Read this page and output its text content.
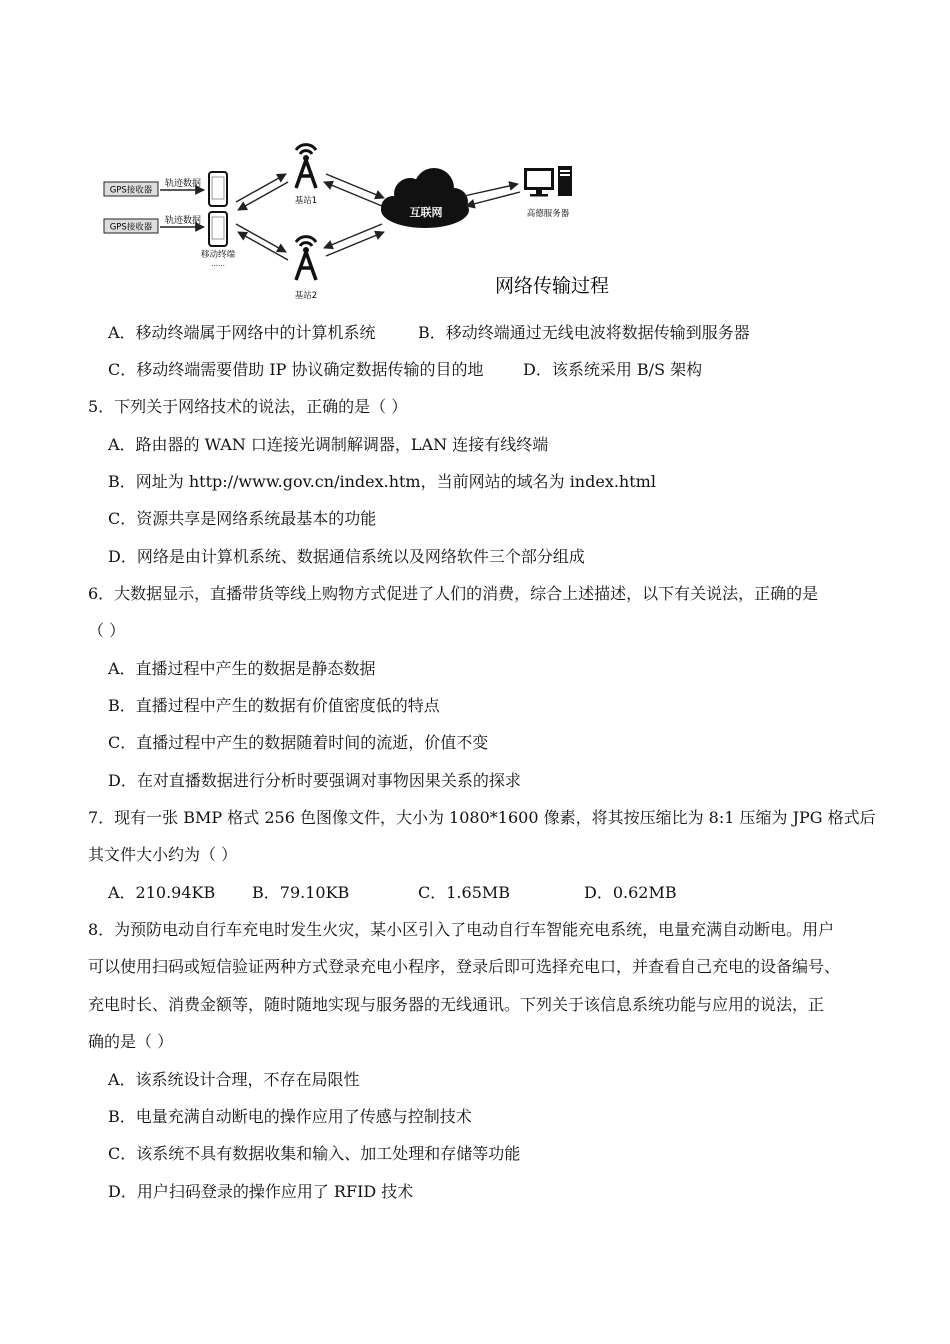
GPS接收器
GPS接收器
轨迹数据
轨迹数据
移动终端
……
基站1
基站2
互联网	高德服务器
网络传输过程
A．移动终端属于网络中的计算机系统	B．移动终端通过无线电波将数据传输到服务器
C．移动终端需要借助 IP 协议确定数据传输的目的地 D．该系统采用 B/S 架构
5．下列关于网络技术的说法，正确的是（ ）
A．路由器的 WAN 口连接光调制解调器，LAN 连接有线终端
B．网址为 http://www.gov.cn/index.htm，当前网站的域名为 index.html
C．资源共享是网络系统最基本的功能
D．网络是由计算机系统、数据通信系统以及网络软件三个部分组成
6．大数据显示，直播带货等线上购物方式促进了人们的消费，综合上述描述，以下有关说法，正确的是
（ ）
A．直播过程中产生的数据是静态数据
B．直播过程中产生的数据有价值密度低的特点
C．直播过程中产生的数据随着时间的流逝，价值不变
D．在对直播数据进行分析时要强调对事物因果关系的探求
7．现有一张 BMP 格式 256 色图像文件，大小为 1080*1600 像素，将其按压缩比为 8:1 压缩为 JPG 格式后
其文件大小约为（ ）
A．210.94KB B．79.10KB	C．1.65MB	D．0.62MB
8．为预防电动自行车充电时发生火灾，某小区引入了电动自行车智能充电系统，电量充满自动断电。用户
可以使用扫码或短信验证两种方式登录充电小程序，登录后即可选择充电口，并查看自己充电的设备编号、
充电时长、消费金额等，随时随地实现与服务器的无线通讯。下列关于该信息系统功能与应用的说法，正
确的是（ ）
A．该系统设计合理，不存在局限性
B．电量充满自动断电的操作应用了传感与控制技术
C．该系统不具有数据收集和输入、加工处理和存储等功能
D．用户扫码登录的操作应用了 RFID 技术
